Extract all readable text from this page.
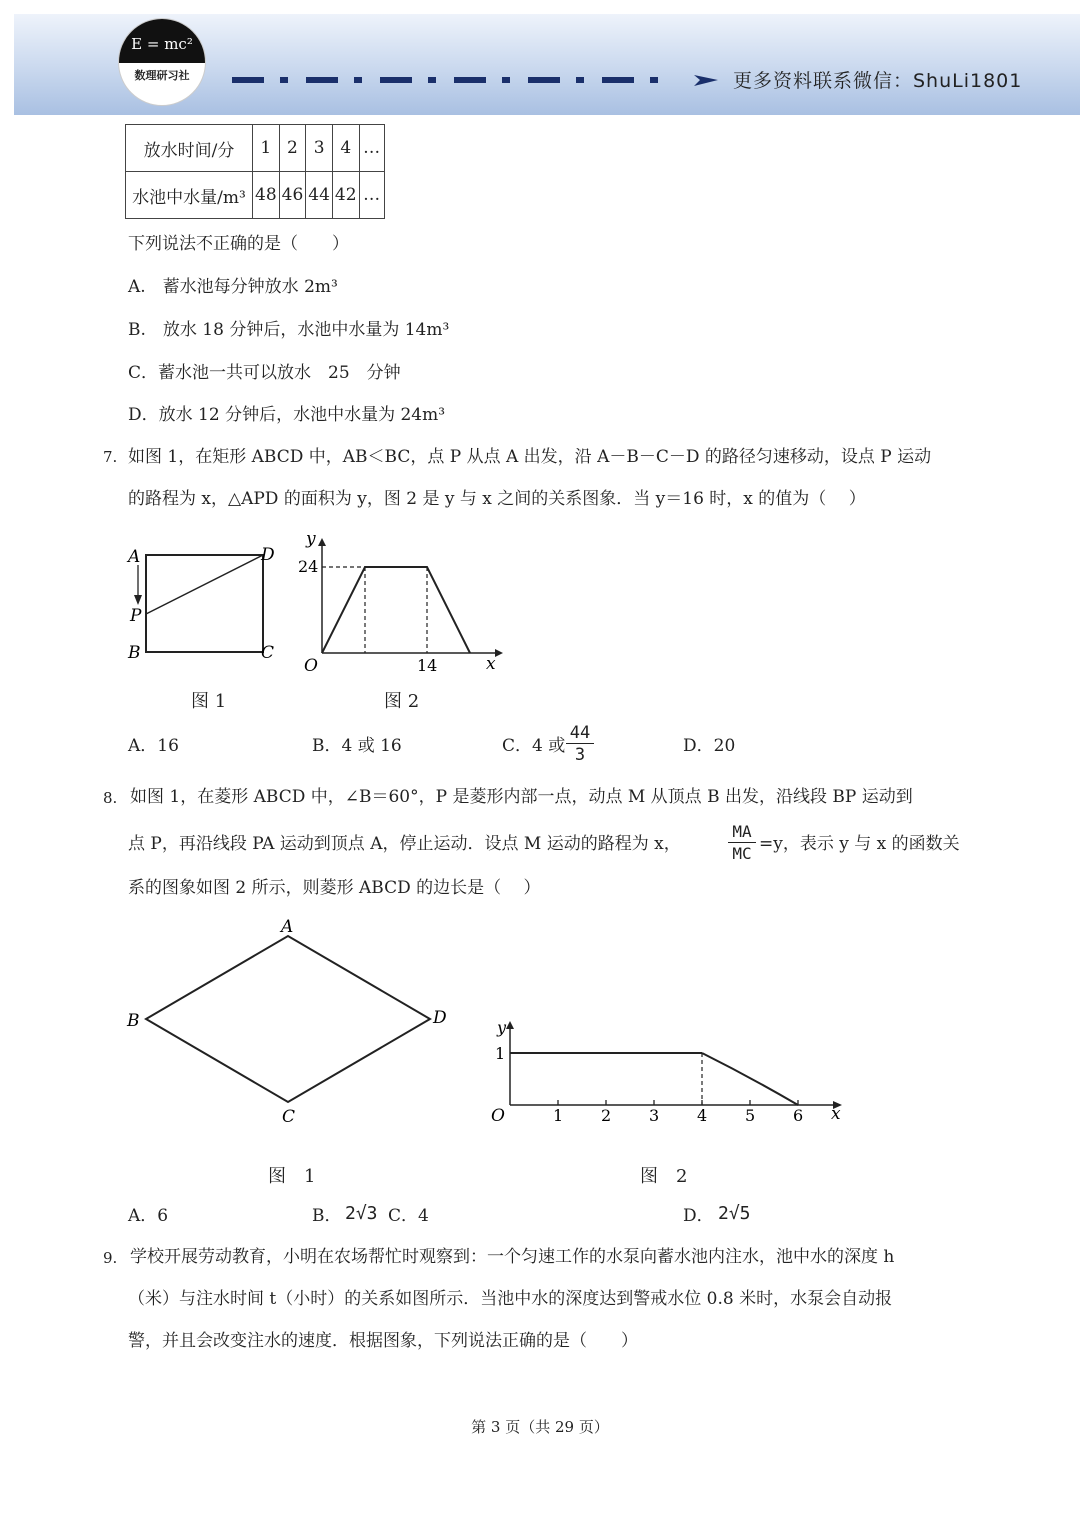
E = mc²
数理研习社	更多资料联系微信：ShuLi1801
放水时间/分	1	2	3	4	…
水池中水量/m³	48	46	44	42	…
下列说法不正确的是（　　）
A.　蓄水池每分钟放水 2m³
B.　放水 18 分钟后，水池中水量为 14m³
C．蓄水池一共可以放水　25　分钟
D．放水 12 分钟后，水池中水量为 24m³
7. 如图 1，在矩形 ABCD 中，AB＜BC，点 P 从点 A 出发，沿 A－B－C－D 的路径匀速移动，设点 P 运动
的路程为 x，△APD 的面积为 y，图 2 是 y 与 x 之间的关系图象．当 y＝16 时，x 的值为（　 ）
A	D
P
B	C
图 1
y
24
O	14	x
图 2
A．16	B．4 或 16	C．4 或 $\frac{44}{3}$	D．20
8. 如图 1，在菱形 ABCD 中，∠B＝60°，P 是菱形内部一点，动点 M 从顶点 B 出发，沿线段 BP 运动到
点 P，再沿线段 PA 运动到顶点 A，停止运动．设点 M 运动的路程为 x，	$\frac{MA}{MC} =y$，表示 y 与 x 的函数关
系的图象如图 2 所示，则菱形 ABCD 的边长是（　 ）
A
B	D
C
图　1
y
1
O	1 2 3 4 5 6 x
图　2
A．6	B． 2√3 C．4	D． 2√5
9. 学校开展劳动教育，小明在农场帮忙时观察到：一个匀速工作的水泵向蓄水池内注水，池中水的深度 h
（米）与注水时间 t（小时）的关系如图所示．当池中水的深度达到警戒水位 0.8 米时，水泵会自动报
警，并且会改变注水的速度．根据图象，下列说法正确的是（　　）
第 3 页（共 29 页）
